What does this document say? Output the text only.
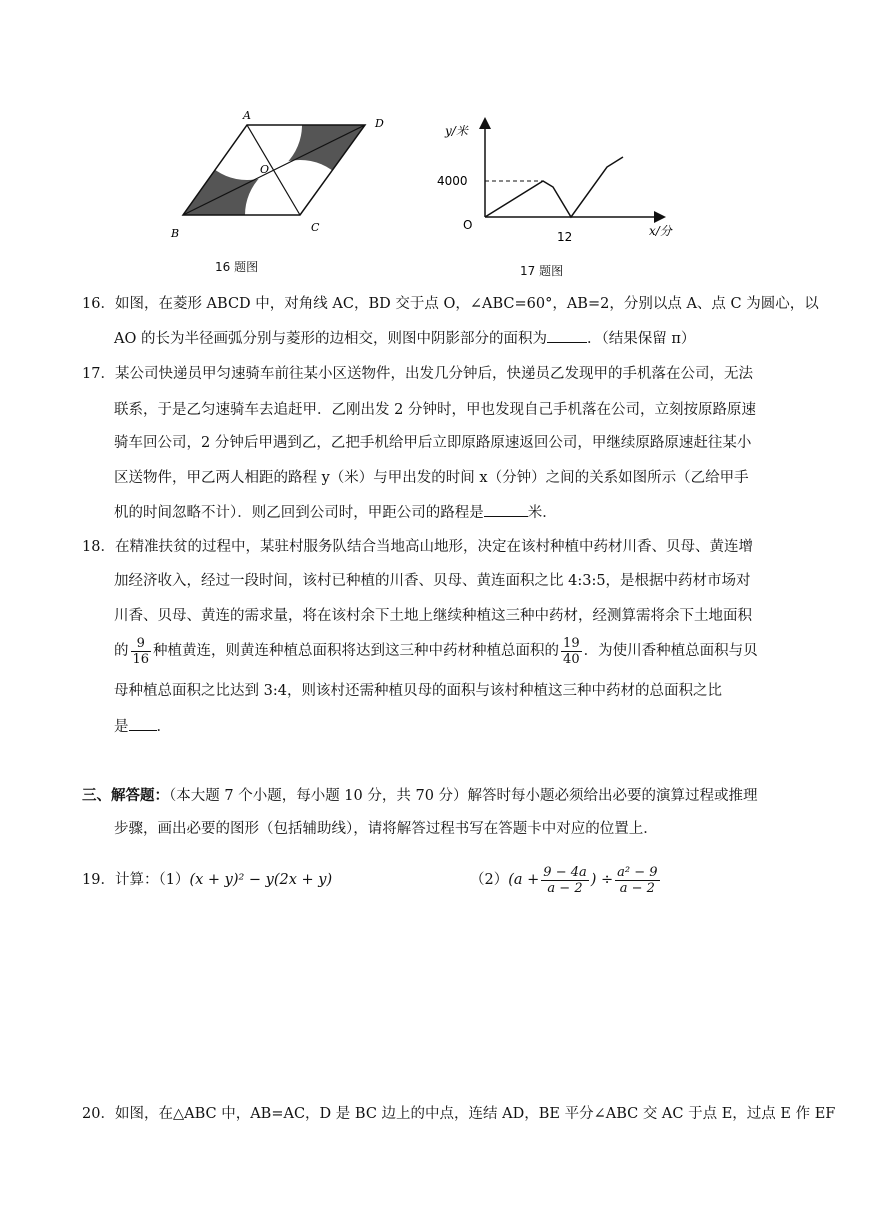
A
D
B	C
O
16 题图
y/米
4000
O
12	x/分
17 题图
16．如图，在菱形 ABCD 中，对角线 AC，BD 交于点 O，∠ABC=60°，AB=2，分别以点 A、点 C 为圆心，以
AO 的长为半径画弧分别与菱形的边相交，则图中阴影部分的面积为	．（结果保留 π）
17．某公司快递员甲匀速骑车前往某小区送物件，出发几分钟后，快递员乙发现甲的手机落在公司，无法
联系，于是乙匀速骑车去追赶甲．乙刚出发 2 分钟时，甲也发现自己手机落在公司，立刻按原路原速
骑车回公司，2 分钟后甲遇到乙，乙把手机给甲后立即原路原速返回公司，甲继续原路原速赶往某小
区送物件，甲乙两人相距的路程 y（米）与甲出发的时间 x（分钟）之间的关系如图所示（乙给甲手
机的时间忽略不计）．则乙回到公司时，甲距公司的路程是	米．
18．在精准扶贫的过程中，某驻村服务队结合当地高山地形，决定在该村种植中药材川香、贝母、黄连增
加经济收入，经过一段时间，该村已种植的川香、贝母、黄连面积之比 4:3:5，是根据中药材市场对
川香、贝母、黄连的需求量，将在该村余下土地上继续种植这三种中药材，经测算需将余下土地面积
的 $\frac{9}{16}$ 种植黄连，则黄连种植总面积将达到这三种中药材种植总面积的 $\frac{19}{40}$ ．为使川香种植总面积与贝
母种植总面积之比达到 3:4，则该村还需种植贝母的面积与该村种植这三种中药材的总面积之比
是 ．
三、解答题：（本大题 7 个小题，每小题 10 分，共 70 分）解答时每小题必须给出必要的演算过程或推理
步骤，画出必要的图形（包括辅助线），请将解答过程书写在答题卡中对应的位置上．
19．计算：（1）(x + y)² − y(2x + y)	$(2)(a + \frac{9 - 4a}{a - 2}$ ) ÷ $\frac{\text{a² − 9}}{a - 2}$
20．如图，在△ABC 中，AB=AC，D 是 BC 边上的中点，连结 AD，BE 平分∠ABC 交 AC 于点 E，过点 E 作 EF
